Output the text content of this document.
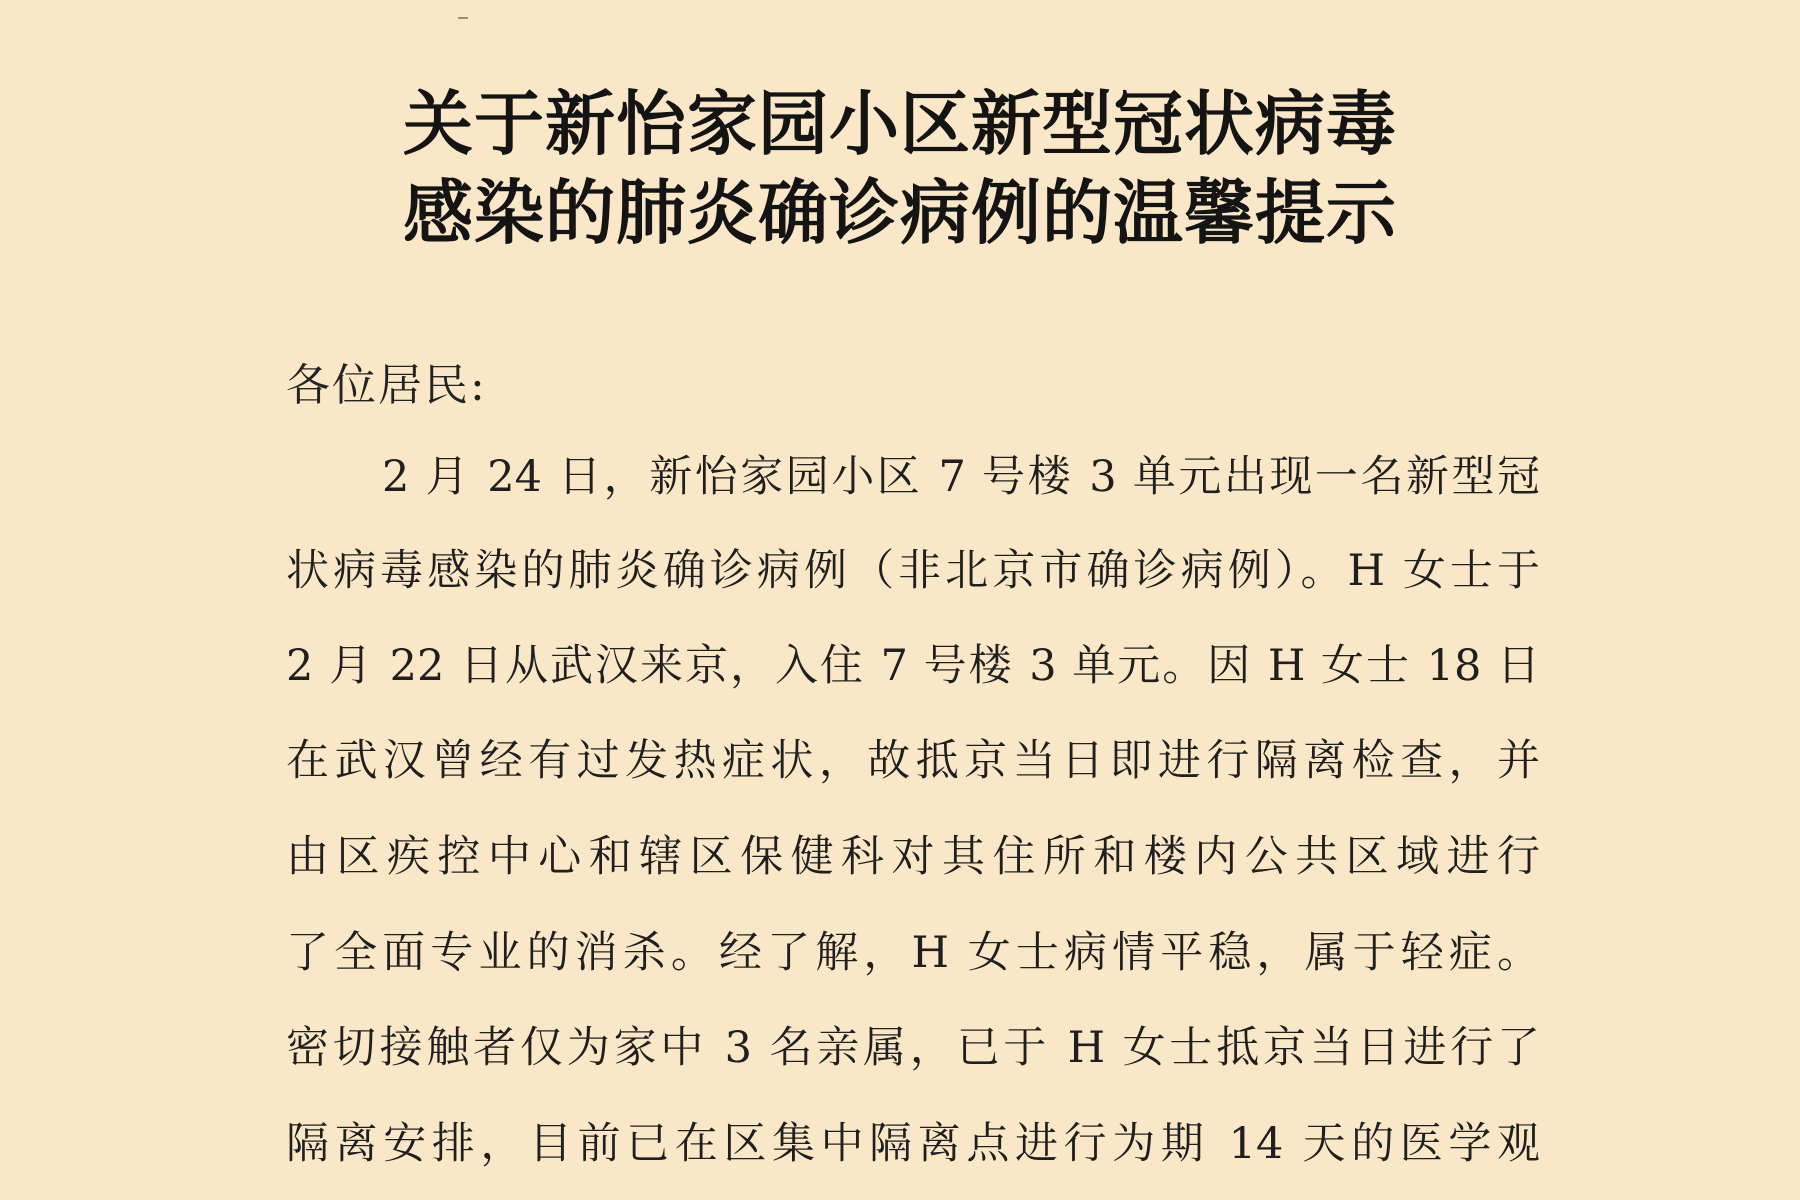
关于新怡家园小区新型冠状病毒
感染的肺炎确诊病例的温馨提示
各位居民:
2 月 24 日，新怡家园小区 7 号楼 3 单元出现一名新型冠
状病毒感染的肺炎确诊病例（非北京市确诊病例）。H 女士于
2 月 22 日从武汉来京，入住 7 号楼 3 单元。因 H 女士 18 日
在武汉曾经有过发热症状，故抵京当日即进行隔离检查，并
由区疾控中心和辖区保健科对其住所和楼内公共区域进行
了全面专业的消杀。经了解，H 女士病情平稳，属于轻症。
密切接触者仅为家中 3 名亲属，已于 H 女士抵京当日进行了
隔离安排，目前已在区集中隔离点进行为期 14 天的医学观
